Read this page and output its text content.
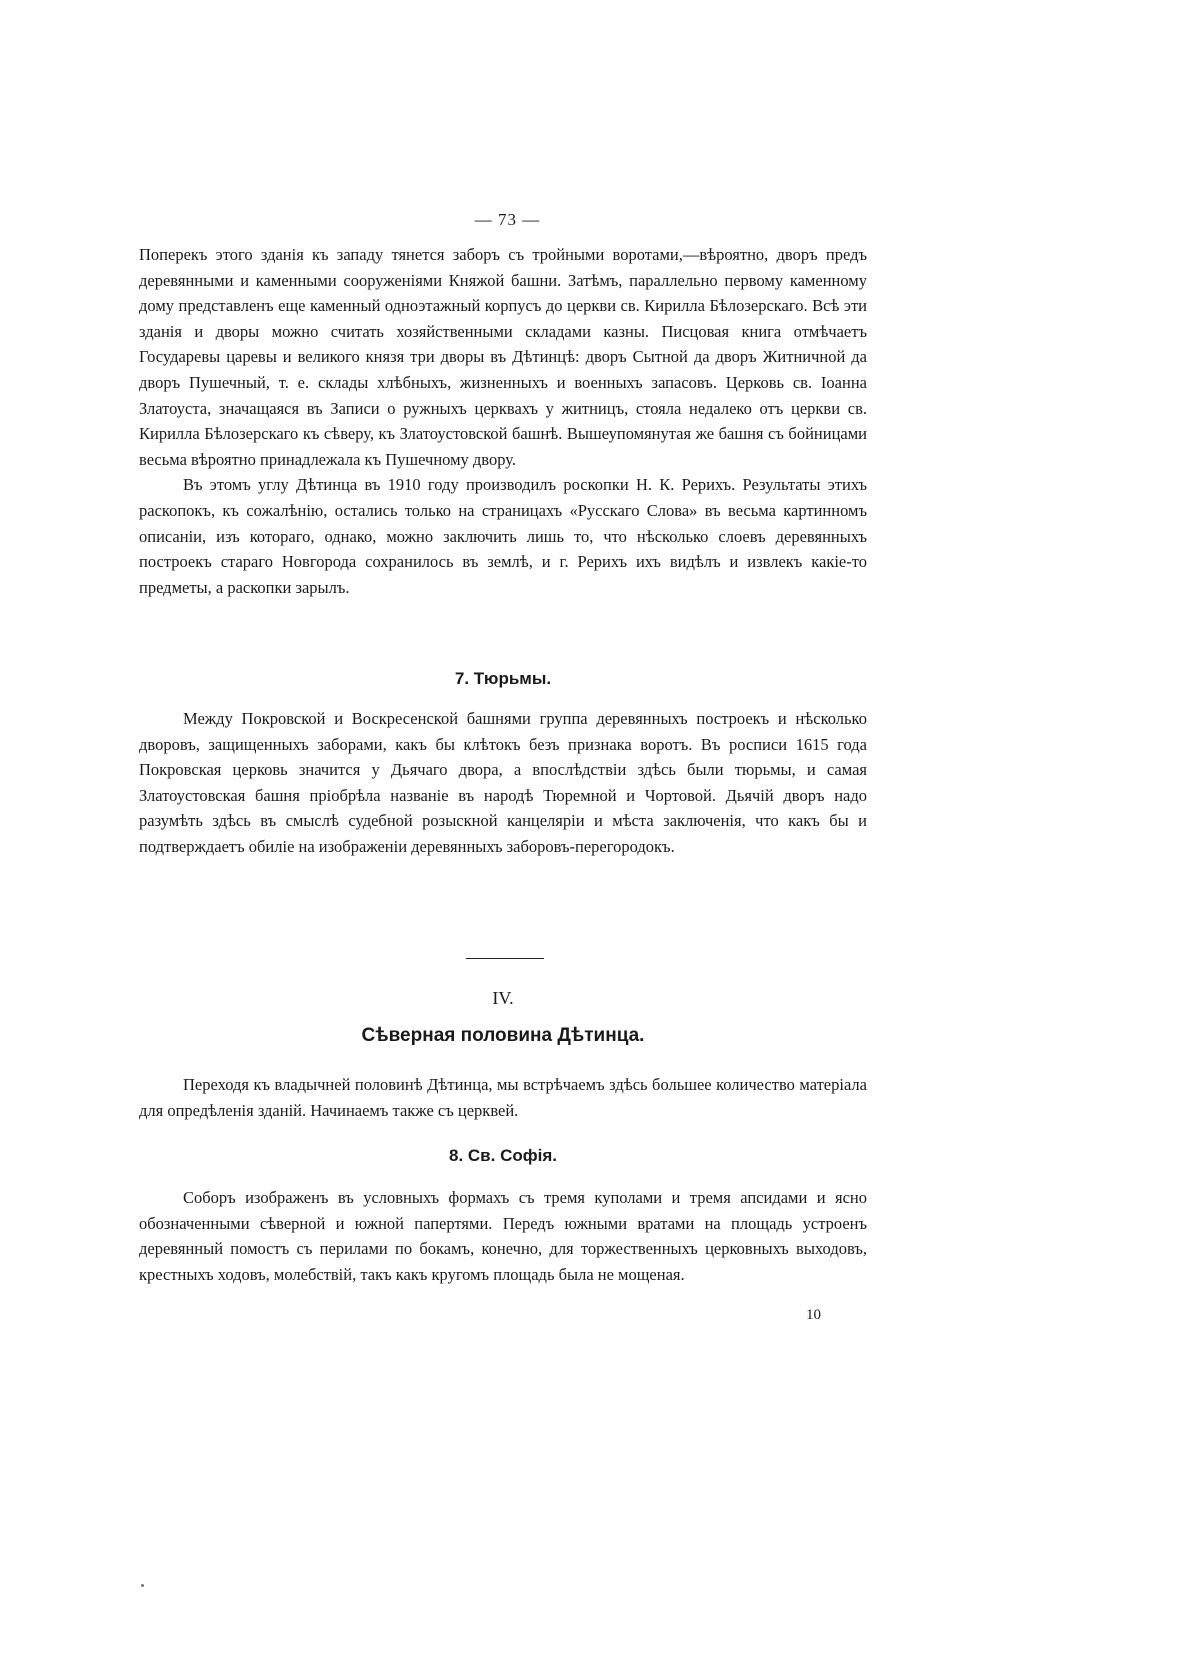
— 73 —

Поперекъ этого зданія къ западу тянется заборъ съ тройными воротами,—вѣроятно, дворъ предъ деревянными и каменными сооруженіями Княжой башни. Затѣмъ, параллельно первому каменному дому представленъ еще каменный одноэтажный корпусъ до церкви св. Кирилла Бѣлозерскаго. Всѣ эти зданія и дворы можно считать хозяйственными складами казны. Писцовая книга отмѣчаетъ Государевы царевы и великого князя три дворы въ Дѣтинцѣ: дворъ Сытной да дворъ Житничной да дворъ Пушечный, т. е. склады хлѣбныхъ, жизненныхъ и военныхъ запасовъ. Церковь св. Іоанна Златоуста, значащаяся въ Записи о ружныхъ церквахъ у житницъ, стояла недалеко отъ церкви св. Кирилла Бѣлозерскаго къ сѣверу, къ Златоустовской башнѣ. Вышеупомянутая же башня съ бойницами весьма вѣроятно принадлежала къ Пушечному двору.

Въ этомъ углу Дѣтинца въ 1910 году производилъ роскопки Н. К. Рерихъ. Результаты этихъ раскопокъ, къ сожалѣнію, остались только на страницахъ «Русскаго Слова» въ весьма картинномъ описаніи, изъ котораго, однако, можно заключить лишь то, что нѣсколько слоевъ деревянныхъ построекъ стараго Новгорода сохранилось въ землѣ, и г. Рерихъ ихъ видѣлъ и извлекъ какіе-то предметы, а раскопки зарылъ.

7. Тюрьмы.

Между Покровской и Воскресенской башнями группа деревянныхъ построекъ и нѣсколько дворовъ, защищенныхъ заборами, какъ бы клѣтокъ безъ признака воротъ. Въ росписи 1615 года Покровская церковь значится у Дьячаго двора, а впослѣдствіи здѣсь были тюрьмы, и самая Златоустовская башня пріобрѣла названіе въ народѣ Тюремной и Чортовой. Дьячій дворъ надо разумѣть здѣсь въ смыслѣ судебной розыскной канцеляріи и мѣста заключенія, что какъ бы и подтверждаетъ обиліе на изображеніи деревянныхъ заборовъ-перегородокъ.

IV.
Сѣверная половина Дѣтинца.

Переходя къ владычней половинѣ Дѣтинца, мы встрѣчаемъ здѣсь большее количество матеріала для опредѣленія зданій. Начинаемъ также съ церквей.

8. Св. Софія.

Соборъ изображенъ въ условныхъ формахъ съ тремя куполами и тремя апсидами и ясно обозначенными сѣверной и южной папертями. Передъ южными вратами на площадь устроенъ деревянный помостъ съ перилами по бокамъ, конечно, для торжественныхъ церковныхъ выходовъ, крестныхъ ходовъ, молебствій, такъ какъ кругомъ площадь была не мощеная.

10
